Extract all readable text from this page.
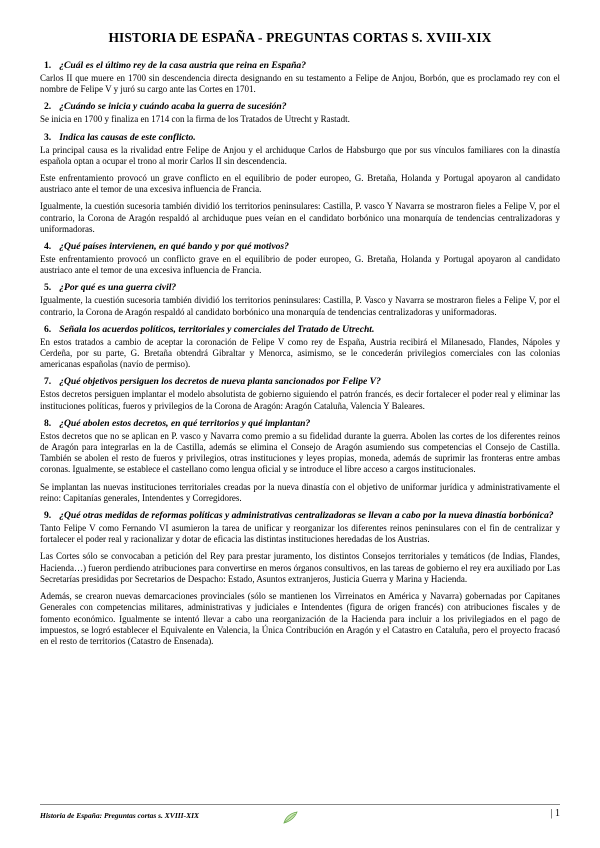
HISTORIA DE ESPAÑA - PREGUNTAS CORTAS S. XVIII-XIX
1. ¿Cuál es el último rey de la casa austria que reina en España?

Carlos II que muere en 1700 sin descendencia directa designando en su testamento a Felipe de Anjou, Borbón, que es proclamado rey con el nombre de Felipe V y juró su cargo ante las Cortes en 1701.

2. ¿Cuándo se inicia y cuándo acaba la guerra de sucesión?

Se inicia en 1700 y finaliza en 1714 con la firma de los Tratados de Utrecht y Rastadt.

3. Indica las causas de este conflicto.

La principal causa es la rivalidad entre Felipe de Anjou y el archiduque Carlos de Habsburgo que por sus vínculos familiares con la dinastía española optan a ocupar el trono al morir Carlos II sin descendencia.

Este enfrentamiento provocó un grave conflicto en el equilibrio de poder europeo, G. Bretaña, Holanda y Portugal apoyaron al candidato austriaco ante el temor de una excesiva influencia de Francia.

Igualmente, la cuestión sucesoria también dividió los territorios peninsulares: Castilla, P. vasco Y Navarra se mostraron fieles a Felipe V, por el contrario, la Corona de Aragón respaldó al archiduque pues veían en el candidato borbónico una monarquía de tendencias centralizadoras y uniformadoras.

4. ¿Qué países intervienen, en qué bando y por qué motivos?

Este enfrentamiento provocó un conflicto grave en el equilibrio de poder europeo, G. Bretaña, Holanda y Portugal apoyaron al candidato austriaco ante el temor de una excesiva influencia de Francia.

5. ¿Por qué es una guerra civil?

Igualmente, la cuestión sucesoria también dividió los territorios peninsulares: Castilla, P. Vasco y Navarra se mostraron fieles a Felipe V, por el contrario, la Corona de Aragón respaldó al candidato borbónico una monarquía de tendencias centralizadoras y uniformadoras.

6. Señala los acuerdos políticos, territoriales y comerciales del Tratado de Utrecht.

En estos tratados a cambio de aceptar la coronación de Felipe V como rey de España, Austria recibirá el Milanesado, Flandes, Nápoles y Cerdeña, por su parte, G. Bretaña obtendrá Gibraltar y Menorca, asimismo, se le concederán privilegios comerciales con las colonias americanas españolas (navío de permiso).

7. ¿Qué objetivos persiguen los decretos de nueva planta sancionados por Felipe V?

Estos decretos persiguen implantar el modelo absolutista de gobierno siguiendo el patrón francés, es decir fortalecer el poder real y eliminar las instituciones políticas, fueros y privilegios de la Corona de Aragón: Aragón Cataluña, Valencia Y Baleares.

8. ¿Qué abolen estos decretos, en qué territorios y qué implantan?

Estos decretos que no se aplican en P. vasco y Navarra como premio a su fidelidad durante la guerra. Abolen las cortes de los diferentes reinos de Aragón para integrarlas en la de Castilla, además se elimina el Consejo de Aragón asumiendo sus competencias el Consejo de Castilla. También se abolen el resto de fueros y privilegios, otras instituciones y leyes propias, moneda, además de suprimir las fronteras entre ambas coronas. Igualmente, se establece el castellano como lengua oficial y se introduce el libre acceso a cargos institucionales.

Se implantan las nuevas instituciones territoriales creadas por la nueva dinastía con el objetivo de uniformar jurídica y administrativamente el reino: Capitanías generales, Intendentes y Corregidores.

9. ¿Qué otras medidas de reformas políticas y administrativas centralizadoras se llevan a cabo por la nueva dinastía borbónica?

Tanto Felipe V como Fernando VI asumieron la tarea de unificar y reorganizar los diferentes reinos peninsulares con el fin de centralizar y fortalecer el poder real y racionalizar y dotar de eficacia las distintas instituciones heredadas de los Austrias.

Las Cortes sólo se convocaban a petición del Rey para prestar juramento, los distintos Consejos territoriales y temáticos (de Indias, Flandes, Hacienda…) fueron perdiendo atribuciones para convertirse en meros órganos consultivos, en las tareas de gobierno el rey era auxiliado por Las Secretarías presididas por Secretarios de Despacho: Estado, Asuntos extranjeros, Justicia Guerra y Marina y Hacienda.

Además, se crearon nuevas demarcaciones provinciales (sólo se mantienen los Virreinatos en América y Navarra) gobernadas por Capitanes Generales con competencias militares, administrativas y judiciales e Intendentes (figura de origen francés) con atribuciones fiscales y de fomento económico. Igualmente se intentó llevar a cabo una reorganización de la Hacienda para incluir a los privilegiados en el pago de impuestos, se logró establecer el Equivalente en Valencia, la Única Contribución en Aragón y el Catastro en Cataluña, pero el proyecto fracasó en el resto de territorios (Catastro de Ensenada).

Historia de España: Preguntas cortas s. XVIII-XIX	| 1
